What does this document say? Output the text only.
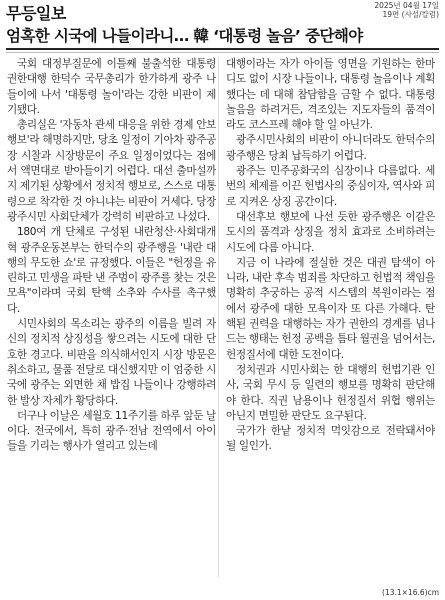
무등일보	2025년 04월 17일
19면 (사설/칼럼)
엄혹한 시국에 나들이라니… 韓 ‘대통령 놀음’ 중단해야

국회 대정부질문에 이틀째 불출석한 대통령 권한대행 한덕수 국무총리가 한가하게 광주 나들이에 나서 '대통령 놀이'라는 강한 비판이 제기됐다.

총리실은 '자동차 관세 대응을 위한 경제 안보 행보'라 해명하지만, 당초 일정이 기아차 광주공장 시찰과 시장방문이 주요 일정이었다는 점에서 액면대로 받아들이기 어렵다. 대선 출마설까지 제기된 상황에서 정치적 행보로, 스스로 대통령으로 착각한 것 아니냐는 비판이 거세다. 당장 광주시민 사회단체가 강력히 비판하고 나섰다.

180여 개 단체로 구성된 내란청산·사회대개혁 광주운동본부는 한덕수의 광주행을 '내란 대행의 무도한 쇼'로 규정했다. 이들은 "헌정을 유린하고 민생을 파탄 낸 주범이 광주를 찾는 것은 모욕"이라며 국회 탄핵 소추와 수사를 촉구했다.

시민사회의 목소리는 광주의 이름을 빌려 자신의 정치적 상징성을 쌓으려는 시도에 대한 단호한 경고다. 비판을 의식해서인지 시장 방문은 취소하고, 물품 전달로 대신했지만 이 엄중한 시국에 광주는 외면한 채 밥집 나들이나 강행하려 한 발상 자체가 황당하다.

더구나 이날은 세월호 11주기를 하루 앞둔 날이다. 전국에서, 특히 광주·전남 전역에서 아이들을 기리는 행사가 열리고 있는데

대행이라는 자가 아이들 영면을 기원하는 한마디도 없이 시장 나들이나, 대통령 놀음이나 계획했다는 데 대해 참담함을 금할 수 없다. 대통령 놀음을 하려거든, 격조있는 지도자들의 품격이라도 코스프레 해야 할 일 아닌가.

광주시민사회의 비판이 아니더라도 한덕수의 광주행은 당최 납득하기 어렵다.

광주는 민주공화국의 심장이나 다름없다. 세 번의 체제를 이끈 헌법사의 중심이자, 역사와 피로 지켜온 상징 공간이다.

대선후보 행보에 나선 듯한 광주행은 이같은 도시의 품격과 상징을 정치 효과로 소비하려는 시도에 다름 아니다.

지금 이 나라에 절실한 것은 대권 탐색이 아니라, 내란 후속 범죄를 차단하고 헌법적 책임을 명확히 추궁하는 공적 시스템의 복원이라는 점에서 광주에 대한 모욕이자 또 다른 가해다. 탄핵된 권력을 대행하는 자가 권한의 경계를 넘나드는 행태는 헌정 공백을 틈타 월권을 넘어서는, 헌정질서에 대한 도전이다.

정치권과 시민사회는 한 대행의 헌법기관 인사, 국회 무시 등 일련의 행보를 명확히 판단해야 한다. 직권 남용이나 헌정질서 위협 행위는 아닌지 면밀한 판단도 요구된다.

국가가 한낱 정치적 먹잇감으로 전락돼서야 될 일인가.

(13.1×16.6)cm
